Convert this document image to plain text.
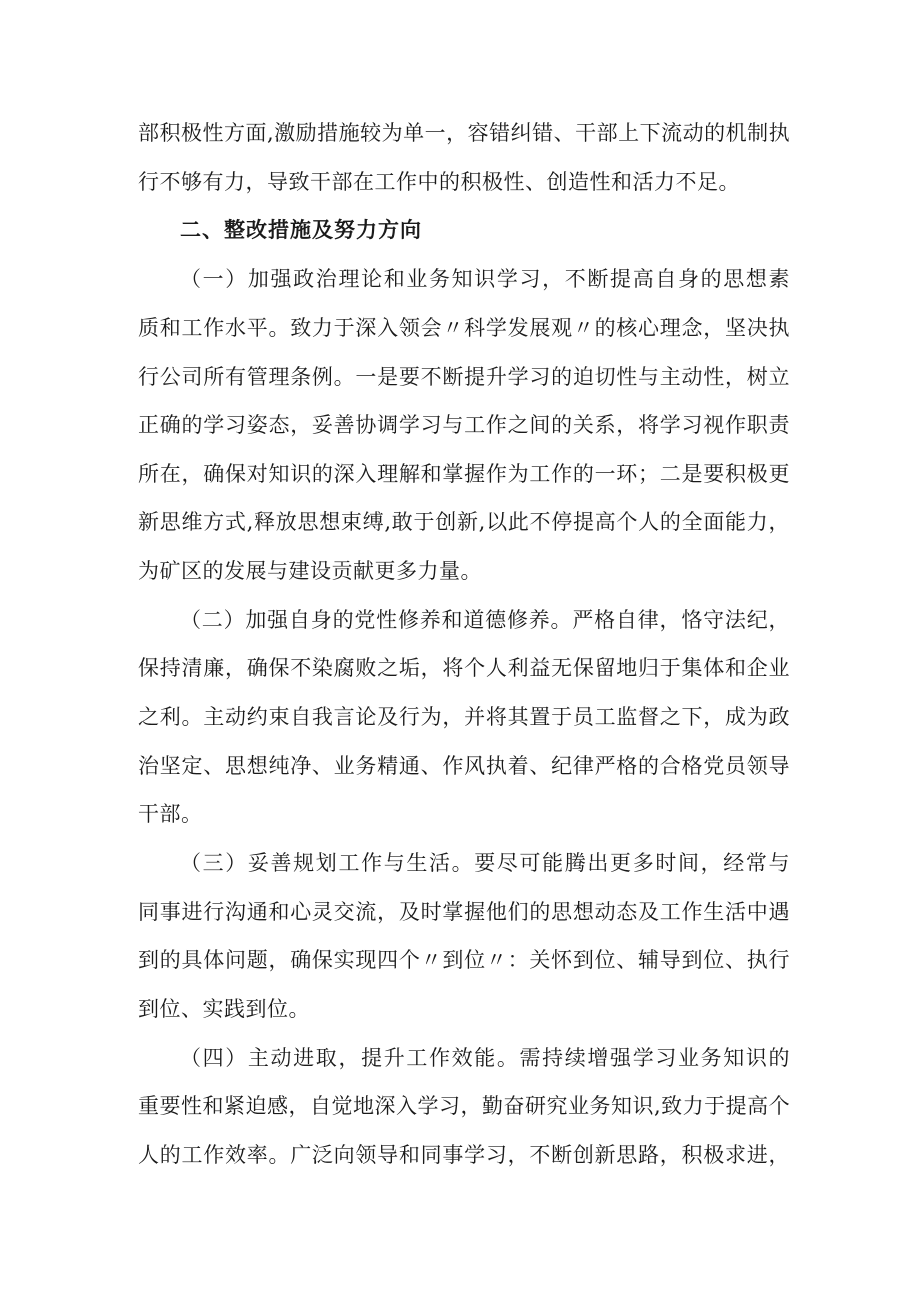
部积极性方面,激励措施较为单一，容错纠错、干部上下流动的机制执
行不够有力，导致干部在工作中的积极性、创造性和活力不足。
二、整改措施及努力方向
（一）加强政治理论和业务知识学习，不断提高自身的思想素
质和工作水平。致力于深入领会〃科学发展观〃的核心理念，坚决执
行公司所有管理条例。一是要不断提升学习的迫切性与主动性，树立
正确的学习姿态，妥善协调学习与工作之间的关系，将学习视作职责
所在，确保对知识的深入理解和掌握作为工作的一环；二是要积极更
新思维方式,释放思想束缚,敢于创新,以此不停提高个人的全面能力，
为矿区的发展与建设贡献更多力量。
（二）加强自身的党性修养和道德修养。严格自律，恪守法纪，
保持清廉，确保不染腐败之垢，将个人利益无保留地归于集体和企业
之利。主动约束自我言论及行为，并将其置于员工监督之下，成为政
治坚定、思想纯净、业务精通、作风执着、纪律严格的合格党员领导
干部。
（三）妥善规划工作与生活。要尽可能腾出更多时间，经常与
同事进行沟通和心灵交流，及时掌握他们的思想动态及工作生活中遇
到的具体问题，确保实现四个〃到位〃：关怀到位、辅导到位、执行
到位、实践到位。
（四）主动进取，提升工作效能。需持续增强学习业务知识的
重要性和紧迫感，自觉地深入学习，勤奋研究业务知识,致力于提高个
人的工作效率。广泛向领导和同事学习，不断创新思路，积极求进，
